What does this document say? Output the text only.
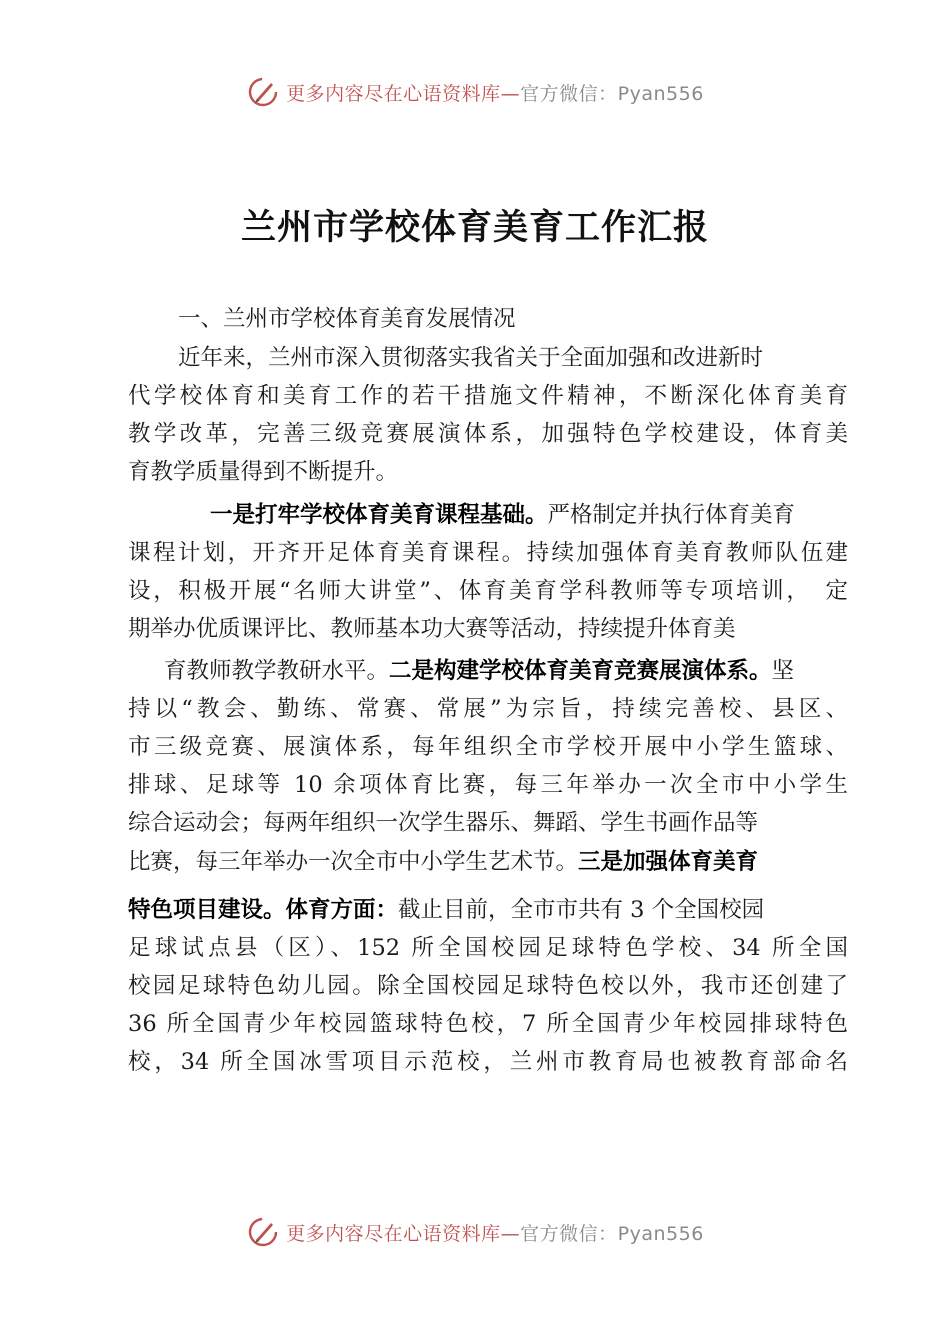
更多内容尽在心语资料库—官方微信：Pyan556
兰州市学校体育美育工作汇报
一、兰州市学校体育美育发展情况
近年来，兰州市深入贯彻落实我省关于全面加强和改进新时
代学校体育和美育工作的若干措施文件精神，不断深化体育美育
教学改革，完善三级竞赛展演体系，加强特色学校建设，体育美
育教学质量得到不断提升。
一是打牢学校体育美育课程基础。严格制定并执行体育美育
课程计划，开齐开足体育美育课程。持续加强体育美育教师队伍建
设，积极开展“名师大讲堂”、体育美育学科教师等专项培训，　定
期举办优质课评比、教师基本功大赛等活动，持续提升体育美
育教师教学教研水平。二是构建学校体育美育竞赛展演体系。坚
持以“教会、勤练、常赛、常展”为宗旨，持续完善校、县区、
市三级竞赛、展演体系，每年组织全市学校开展中小学生篮球、
排球、足球等 10 余项体育比赛，每三年举办一次全市中小学生
综合运动会；每两年组织一次学生器乐、舞蹈、学生书画作品等
比赛，每三年举办一次全市中小学生艺术节。三是加强体育美育
特色项目建设。体育方面：截止目前，全市市共有 3 个全国校园
足球试点县（区）、152 所全国校园足球特色学校、34 所全国
校园足球特色幼儿园。除全国校园足球特色校以外，我市还创建了
36 所全国青少年校园篮球特色校，7 所全国青少年校园排球特色
校，34 所全国冰雪项目示范校，兰州市教育局也被教育部命名
更多内容尽在心语资料库—官方微信：Pyan556
